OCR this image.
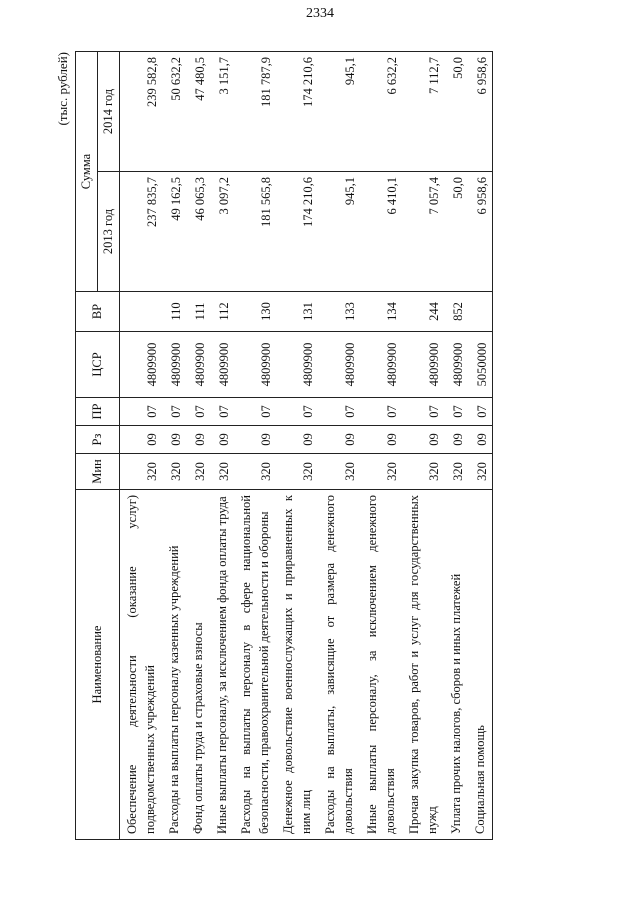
2334
(тыс. рублей)
Наименование	Мин	Рз	ПР	ЦСР	ВР	Сумма	
						2013 год	2014 год
Обеспечение деятельности (оказание услуг) подведомственных учреждений	320	09	07	4809900		237 835,7	239 582,8
Расходы на выплаты персоналу казенных учреждений	320	09	07	4809900	110	49 162,5	50 632,2
Фонд оплаты труда и страховые взносы	320	09	07	4809900	111	46 065,3	47 480,5
Иные выплаты персоналу, за исключением фонда оплаты труда	320	09	07	4809900	112	3 097,2	3 151,7
Расходы на выплаты персоналу в сфере национальной безопасности, правоохранительной деятельности и обороны	320	09	07	4809900	130	181 565,8	181 787,9
Денежное довольствие военнослужащих и приравненных к ним лиц	320	09	07	4809900	131	174 210,6	174 210,6
Расходы на выплаты, зависящие от размера денежного довольствия	320	09	07	4809900	133	945,1	945,1
Иные выплаты персоналу, за исключением денежного довольствия	320	09	07	4809900	134	6 410,1	6 632,2
Прочая закупка товаров, работ и услуг для государственных нужд	320	09	07	4809900	244	7 057,4	7 112,7
Уплата прочих налогов, сборов и иных платежей	320	09	07	4809900	852	50,0	50,0
Социальная помощь	320	09	07	5050000		6 958,6	6 958,6
